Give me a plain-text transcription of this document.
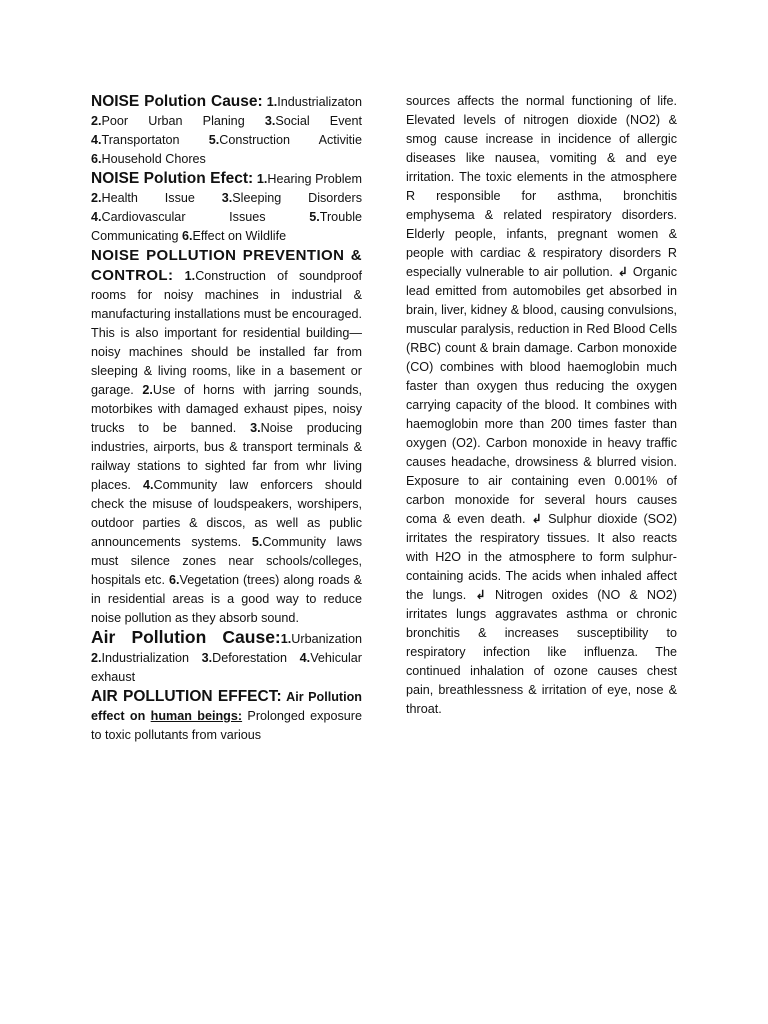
NOISE Polution Cause: 1.Industrializaton 2.Poor Urban Planing 3.Social Event 4.Transportaton 5.Construction Activitie 6.Household Chores

NOISE Polution Efect: 1.Hearing Problem 2.Health Issue 3.Sleeping Disorders 4.Cardiovascular Issues	5.Trouble Communicating 6.Effect on Wildlife

NOISE POLLUTION PREVENTION & CONTROL: 1.Construction of soundproof rooms for noisy machines in industrial & manufacturing installations must be encouraged. This is also important for residential building—noisy machines should be installed far from sleeping & living rooms, like in a basement or garage. 2.Use of horns with jarring sounds, motorbikes with damaged exhaust pipes, noisy trucks to be banned. 3.Noise producing industries, airports, bus & transport terminals & railway stations to sighted far from whr living places. 4.Community law enforcers should check the misuse of loudspeakers, worshipers, outdoor parties & discos, as well as public announcements systems. 5.Community laws must silence zones near schools/colleges, hospitals etc. 6.Vegetation (trees) along roads & in residential areas is a good way to reduce noise pollution as they absorb sound.

Air Pollution Cause:1.Urbanization 2.Industrialization 3.Deforestation 4.Vehicular exhaust

AIR POLLUTION EFFECT: Air Pollution effect on human beings: Prolonged exposure to toxic pollutants from various

sources affects the normal functioning of life. Elevated levels of nitrogen dioxide (NO2) & smog cause increase in incidence of allergic diseases like nausea, vomiting & and eye irritation. The toxic elements in the atmosphere R responsible for asthma, bronchitis emphysema & related respiratory disorders. Elderly people, infants, pregnant women & people with cardiac & respiratory disorders R especially vulnerable to air pollution. ↲ Organic lead emitted from automobiles get absorbed in brain, liver, kidney & blood, causing convulsions, muscular paralysis, reduction in Red Blood Cells (RBC) count & brain damage. Carbon monoxide (CO) combines with blood haemoglobin much faster than oxygen thus reducing the oxygen carrying capacity of the blood. It combines with haemoglobin more than 200 times faster than oxygen (O2). Carbon monoxide in heavy traffic causes headache, drowsiness & blurred vision. Exposure to air containing even 0.001% of carbon monoxide for several hours causes coma & even death. ↲ Sulphur dioxide (SO2) irritates the respiratory tissues. It also reacts with H2O in the atmosphere to form sulphur-containing acids. The acids when inhaled affect the lungs. ↲ Nitrogen oxides (NO & NO2) irritates lungs aggravates asthma or chronic bronchitis & increases susceptibility to respiratory infection like influenza. The continued inhalation of ozone causes chest pain, breathlessness & irritation of eye, nose & throat.
